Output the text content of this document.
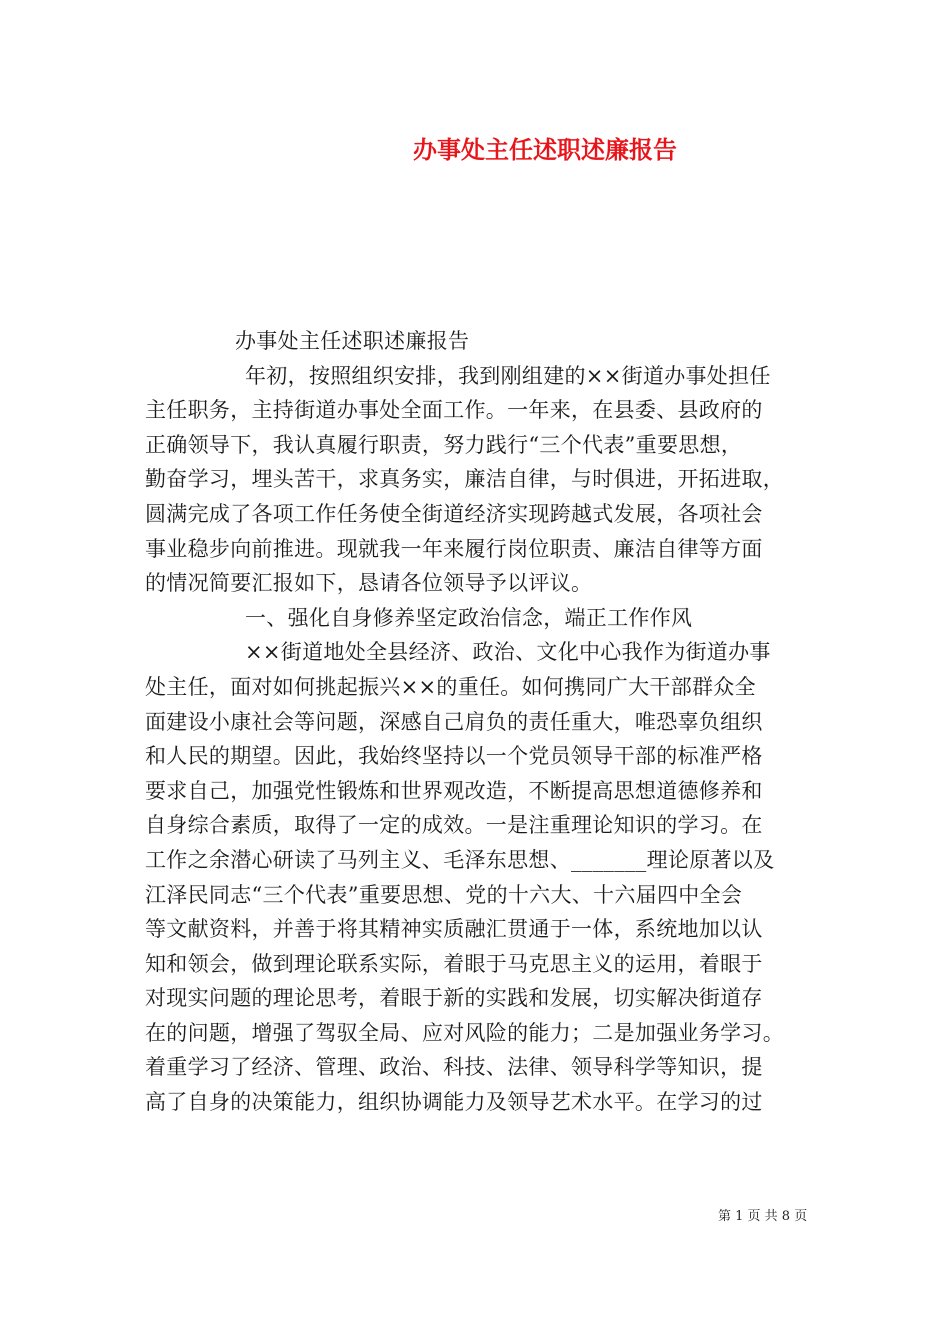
办事处主任述职述廉报告
办事处主任述职述廉报告
年初，按照组织安排，我到刚组建的××街道办事处担任
主任职务，主持街道办事处全面工作。一年来，在县委、县政府的
正确领导下，我认真履行职责，努力践行“三个代表”重要思想，
勤奋学习，埋头苦干，求真务实，廉洁自律，与时俱进，开拓进取，
圆满完成了各项工作任务使全街道经济实现跨越式发展，各项社会
事业稳步向前推进。现就我一年来履行岗位职责、廉洁自律等方面
的情况简要汇报如下，恳请各位领导予以评议。
一、强化自身修养坚定政治信念，端正工作作风
××街道地处全县经济、政治、文化中心我作为街道办事
处主任，面对如何挑起振兴××的重任。如何携同广大干部群众全
面建设小康社会等问题，深感自己肩负的责任重大，唯恐辜负组织
和人民的期望。因此，我始终坚持以一个党员领导干部的标准严格
要求自己，加强党性锻炼和世界观改造，不断提高思想道德修养和
自身综合素质，取得了一定的成效。一是注重理论知识的学习。在
工作之余潜心研读了马列主义、毛泽东思想、_______理论原著以及
江泽民同志“三个代表”重要思想、党的十六大、十六届四中全会
等文献资料，并善于将其精神实质融汇贯通于一体，系统地加以认
知和领会，做到理论联系实际，着眼于马克思主义的运用，着眼于
对现实问题的理论思考，着眼于新的实践和发展，切实解决街道存
在的问题，增强了驾驭全局、应对风险的能力；二是加强业务学习。
着重学习了经济、管理、政治、科技、法律、领导科学等知识，提
高了自身的决策能力，组织协调能力及领导艺术水平。在学习的过
第 1 页 共 8 页
